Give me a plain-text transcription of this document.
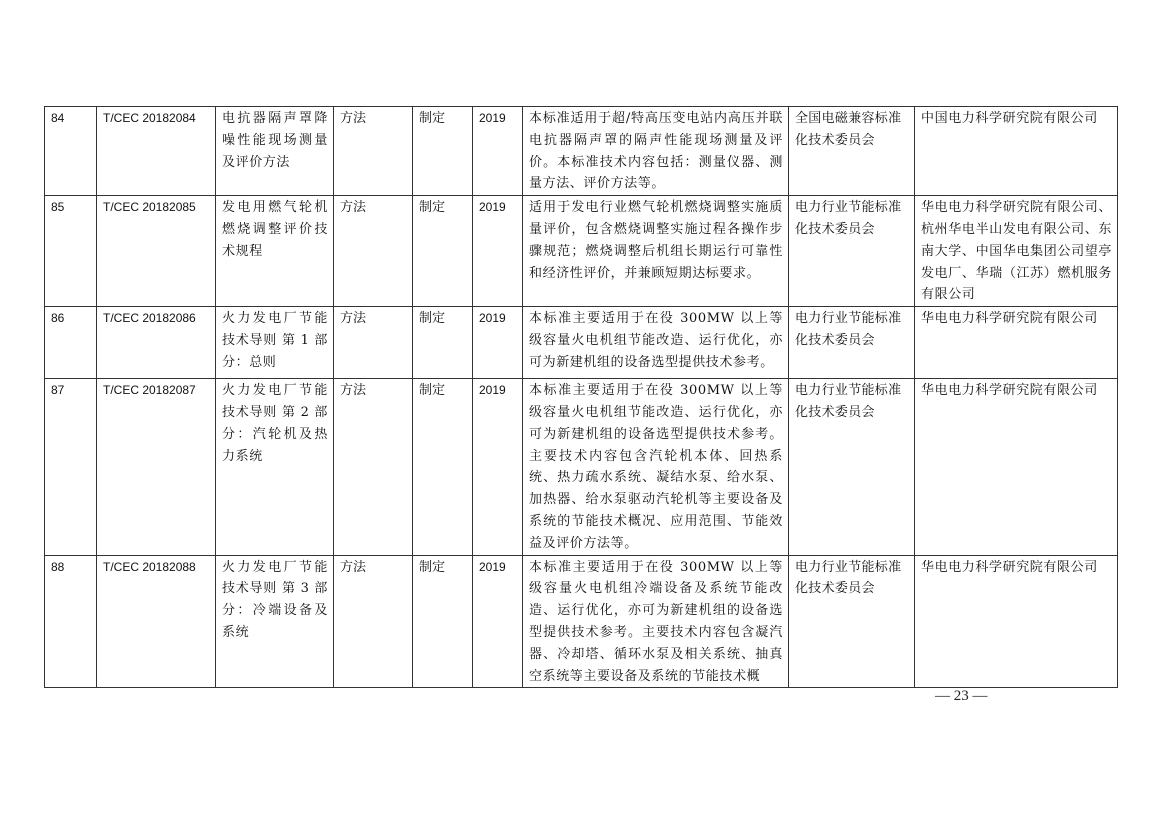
84	T/CEC 20182084	电抗器隔声罩降噪性能现场测量及评价方法	方法	制定	2019	本标准适用于超/特高压变电站内高压并联电抗器隔声罩的隔声性能现场测量及评价。本标准技术内容包括：测量仪器、测量方法、评价方法等。	全国电磁兼容标准化技术委员会	中国电力科学研究院有限公司
85	T/CEC 20182085	发电用燃气轮机燃烧调整评价技术规程	方法	制定	2019	适用于发电行业燃气轮机燃烧调整实施质量评价，包含燃烧调整实施过程各操作步骤规范；燃烧调整后机组长期运行可靠性和经济性评价，并兼顾短期达标要求。	电力行业节能标准化技术委员会	华电电力科学研究院有限公司、杭州华电半山发电有限公司、东南大学、中国华电集团公司望亭发电厂、华瑞（江苏）燃机服务有限公司
86	T/CEC 20182086	火力发电厂节能技术导则 第 1 部分：总则	方法	制定	2019	本标准主要适用于在役 300MW 以上等级容量火电机组节能改造、运行优化，亦可为新建机组的设备选型提供技术参考。	电力行业节能标准化技术委员会	华电电力科学研究院有限公司
87	T/CEC 20182087	火力发电厂节能技术导则 第 2 部分：汽轮机及热力系统	方法	制定	2019	本标准主要适用于在役 300MW 以上等级容量火电机组节能改造、运行优化，亦可为新建机组的设备选型提供技术参考。主要技术内容包含汽轮机本体、回热系统、热力疏水系统、凝结水泵、给水泵、加热器、给水泵驱动汽轮机等主要设备及系统的节能技术概况、应用范围、节能效益及评价方法等。	电力行业节能标准化技术委员会	华电电力科学研究院有限公司
88	T/CEC 20182088	火力发电厂节能技术导则 第 3 部分：冷端设备及系统	方法	制定	2019	本标准主要适用于在役 300MW 以上等级容量火电机组冷端设备及系统节能改造、运行优化，亦可为新建机组的设备选型提供技术参考。主要技术内容包含凝汽器、冷却塔、循环水泵及相关系统、抽真空系统等主要设备及系统的节能技术概	电力行业节能标准化技术委员会	华电电力科学研究院有限公司
— 23 —
